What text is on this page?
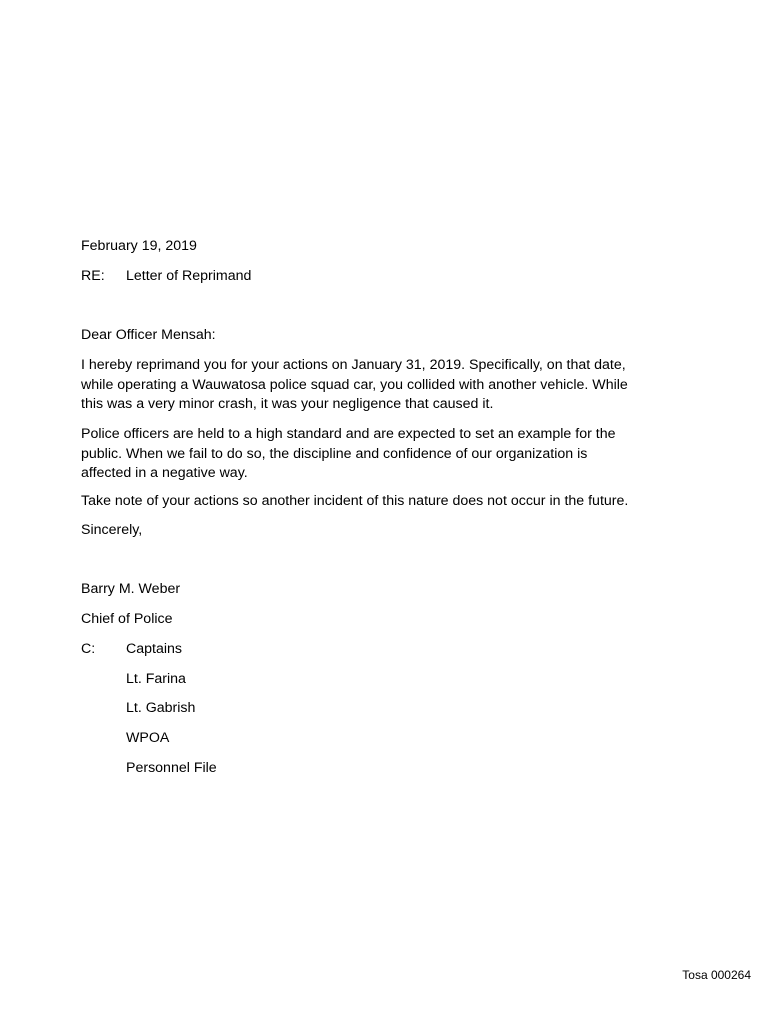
February 19, 2019

RE:	Letter of Reprimand

Dear Officer Mensah:

I hereby reprimand you for your actions on January 31, 2019. Specifically, on that date,
while operating a Wauwatosa police squad car, you collided with another vehicle. While
this was a very minor crash, it was your negligence that caused it.

Police officers are held to a high standard and are expected to set an example for the
public. When we fail to do so, the discipline and confidence of our organization is
affected in a negative way.

Take note of your actions so another incident of this nature does not occur in the future.

Sincerely,

Barry M. Weber

Chief of Police

C: Captains

Lt. Farina

Lt. Gabrish

WPOA

Personnel File

Tosa 000264
